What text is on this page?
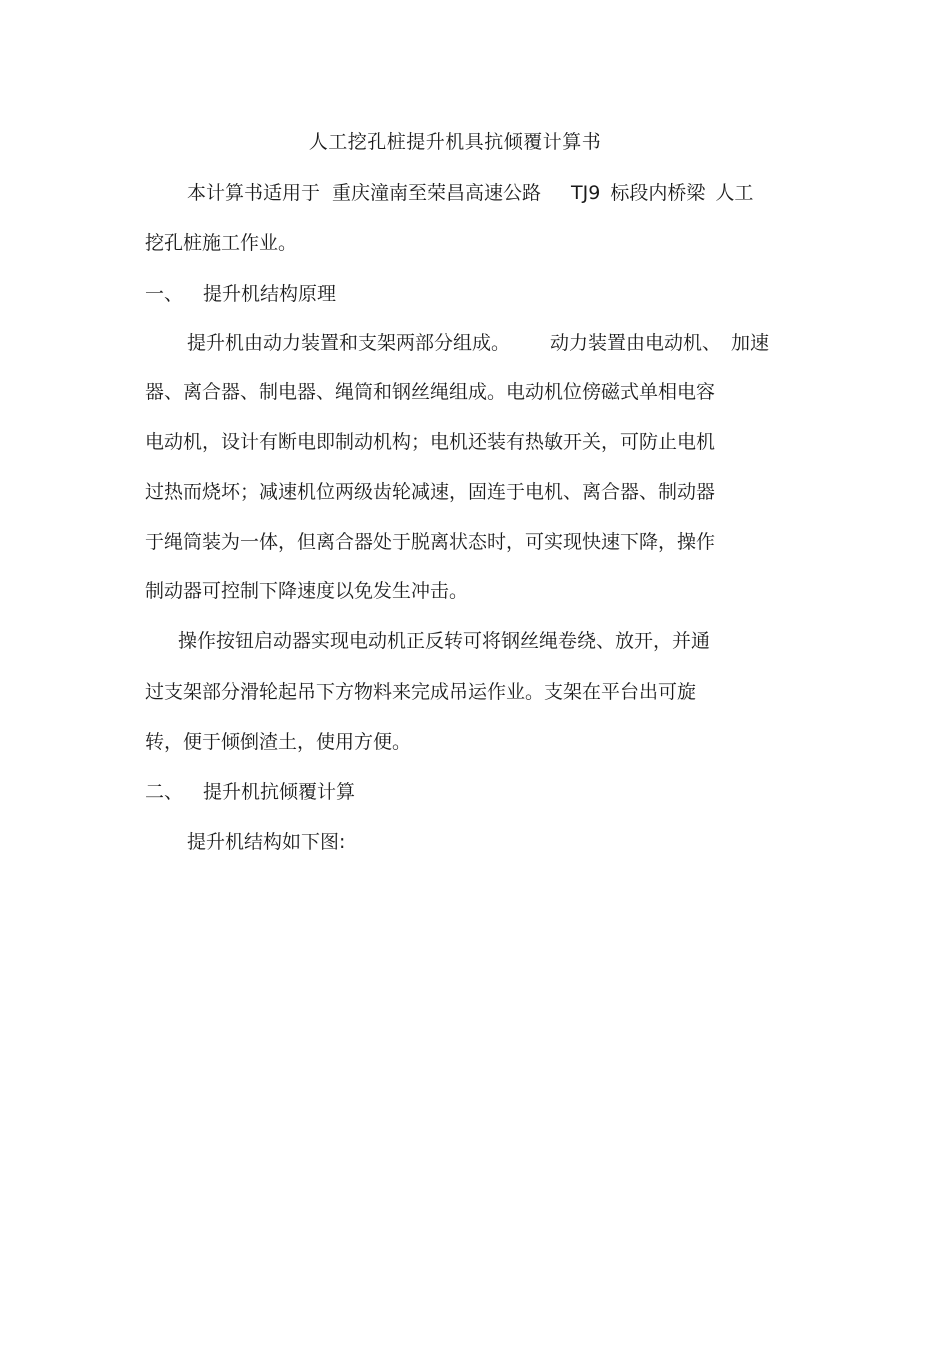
人工挖孔桩提升机具抗倾覆计算书
本计算书适用于 重庆潼南至荣昌高速公路 TJ9 标段内桥梁 人工
挖孔桩施工作业。
一、 提升机结构原理
提升机由动力装置和支架两部分组成。 动力装置由电动机、 加速
器、离合器、制电器、绳筒和钢丝绳组成。电动机位傍磁式单相电容
电动机，设计有断电即制动机构；电机还装有热敏开关，可防止电机
过热而烧坏；减速机位两级齿轮减速，固连于电机、离合器、制动器
于绳筒装为一体，但离合器处于脱离状态时，可实现快速下降，操作
制动器可控制下降速度以免发生冲击。
操作按钮启动器实现电动机正反转可将钢丝绳卷绕、放开，并通
过支架部分滑轮起吊下方物料来完成吊运作业。支架在平台出可旋
转，便于倾倒渣土，使用方便。
二、 提升机抗倾覆计算
提升机结构如下图:
